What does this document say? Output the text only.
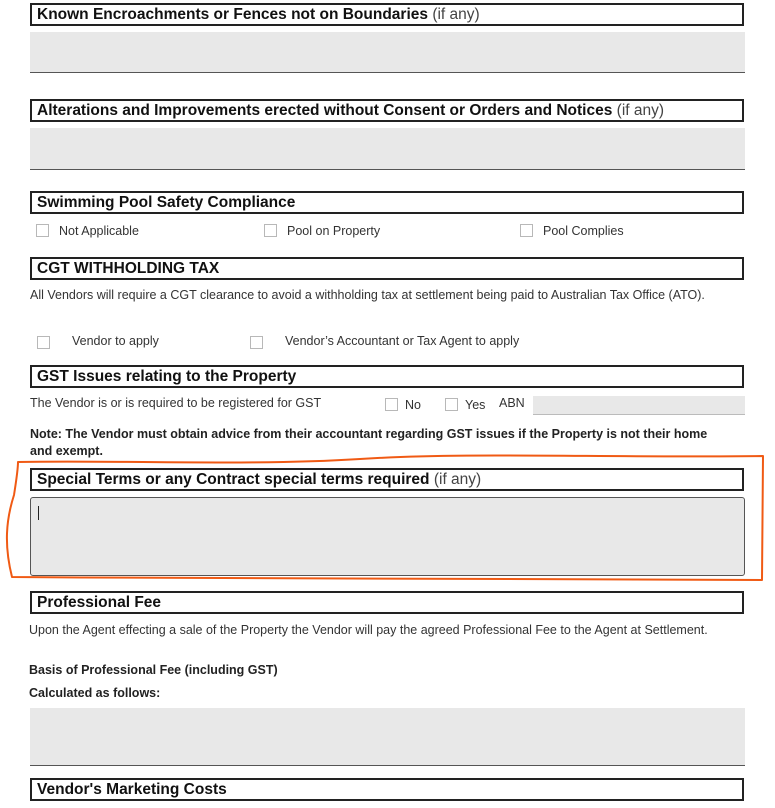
Known Encroachments or Fences not on Boundaries (if any)
Alterations and Improvements erected without Consent or Orders and Notices (if any)
Swimming Pool Safety Compliance
Not Applicable	Pool on Property	Pool Complies
CGT WITHHOLDING TAX
All Vendors will require a CGT clearance to avoid a withholding tax at settlement being paid to Australian Tax Office (ATO).
Vendor to apply	Vendor’s Accountant or Tax Agent to apply
GST Issues relating to the Property
The Vendor is or is required to be registered for GST	No	Yes ABN
Note: The Vendor must obtain advice from their accountant regarding GST issues if the Property is not their home and exempt.
Special Terms or any Contract special terms required (if any)
Professional Fee
Upon the Agent effecting a sale of the Property the Vendor will pay the agreed Professional Fee to the Agent at Settlement.
Basis of Professional Fee (including GST)
Calculated as follows:
Vendor's Marketing Costs
